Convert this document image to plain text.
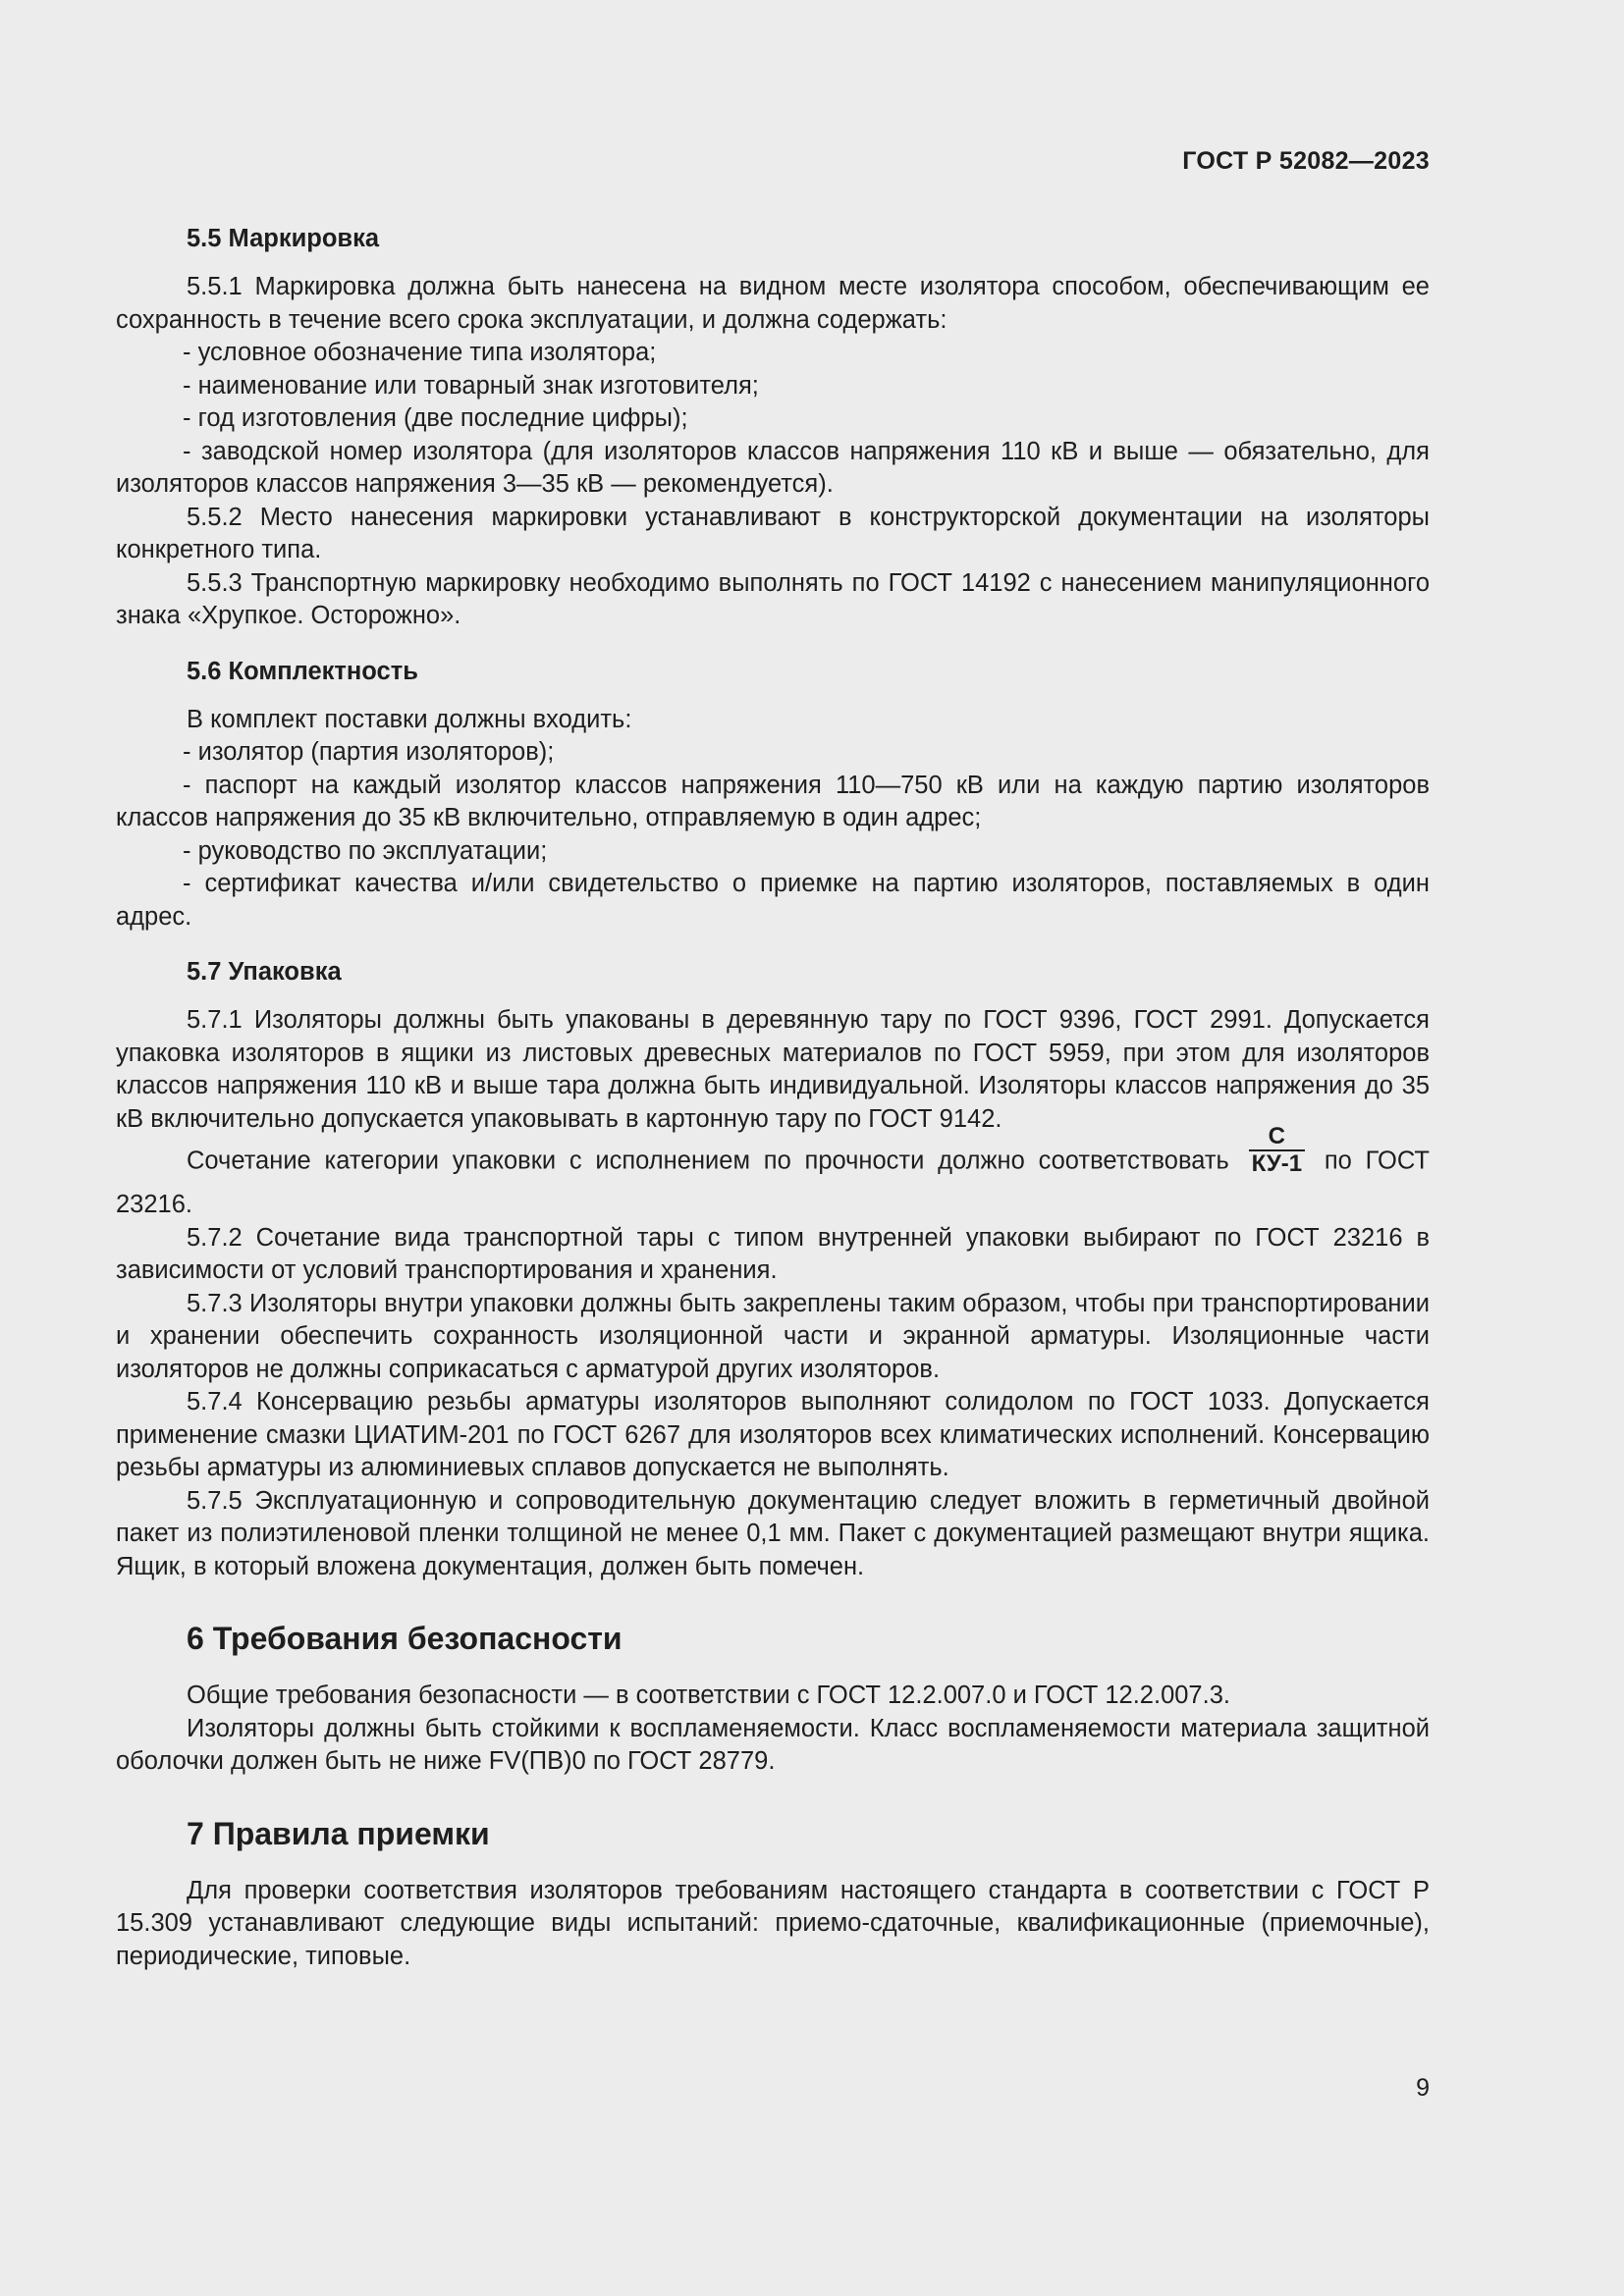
ГОСТ Р 52082—2023
5.5 Маркировка

5.5.1 Маркировка должна быть нанесена на видном месте изолятора способом, обеспечивающим ее сохранность в течение всего срока эксплуатации, и должна содержать:

- условное обозначение типа изолятора;

- наименование или товарный знак изготовителя;

- год изготовления (две последние цифры);

- заводской номер изолятора (для изоляторов классов напряжения 110 кВ и выше — обязательно, для изоляторов классов напряжения 3—35 кВ — рекомендуется).

5.5.2 Место нанесения маркировки устанавливают в конструкторской документации на изоляторы конкретного типа.

5.5.3 Транспортную маркировку необходимо выполнять по ГОСТ 14192 с нанесением манипуляционного знака «Хрупкое. Осторожно».

5.6 Комплектность

В комплект поставки должны входить:

- изолятор (партия изоляторов);

- паспорт на каждый изолятор классов напряжения 110—750 кВ или на каждую партию изоляторов классов напряжения до 35 кВ включительно, отправляемую в один адрес;

- руководство по эксплуатации;

- сертификат качества и/или свидетельство о приемке на партию изоляторов, поставляемых в один адрес.

5.7 Упаковка

5.7.1 Изоляторы должны быть упакованы в деревянную тару по ГОСТ 9396, ГОСТ 2991. Допускается упаковка изоляторов в ящики из листовых древесных материалов по ГОСТ 5959, при этом для изоляторов классов напряжения 110 кВ и выше тара должна быть индивидуальной. Изоляторы классов напряжения до 35 кВ включительно допускается упаковывать в картонную тару по ГОСТ 9142.

Сочетание категории упаковки с исполнением по прочности должно соответствовать $\frac{С}{КУ-1}$ по ГОСТ 23216.

5.7.2 Сочетание вида транспортной тары с типом внутренней упаковки выбирают по ГОСТ 23216 в зависимости от условий транспортирования и хранения.

5.7.3 Изоляторы внутри упаковки должны быть закреплены таким образом, чтобы при транспортировании и хранении обеспечить сохранность изоляционной части и экранной арматуры. Изоляционные части изоляторов не должны соприкасаться с арматурой других изоляторов.

5.7.4 Консервацию резьбы арматуры изоляторов выполняют солидолом по ГОСТ 1033. Допускается применение смазки ЦИАТИМ-201 по ГОСТ 6267 для изоляторов всех климатических исполнений. Консервацию резьбы арматуры из алюминиевых сплавов допускается не выполнять.

5.7.5 Эксплуатационную и сопроводительную документацию следует вложить в герметичный двойной пакет из полиэтиленовой пленки толщиной не менее 0,1 мм. Пакет с документацией размещают внутри ящика. Ящик, в который вложена документация, должен быть помечен.

6 Требования безопасности

Общие требования безопасности — в соответствии с ГОСТ 12.2.007.0 и ГОСТ 12.2.007.3.

Изоляторы должны быть стойкими к воспламеняемости. Класс воспламеняемости материала защитной оболочки должен быть не ниже FV(ПВ)0 по ГОСТ 28779.

7 Правила приемки

Для проверки соответствия изоляторов требованиям настоящего стандарта в соответствии с ГОСТ Р 15.309 устанавливают следующие виды испытаний: приемо-сдаточные, квалификационные (приемочные), периодические, типовые.

9
